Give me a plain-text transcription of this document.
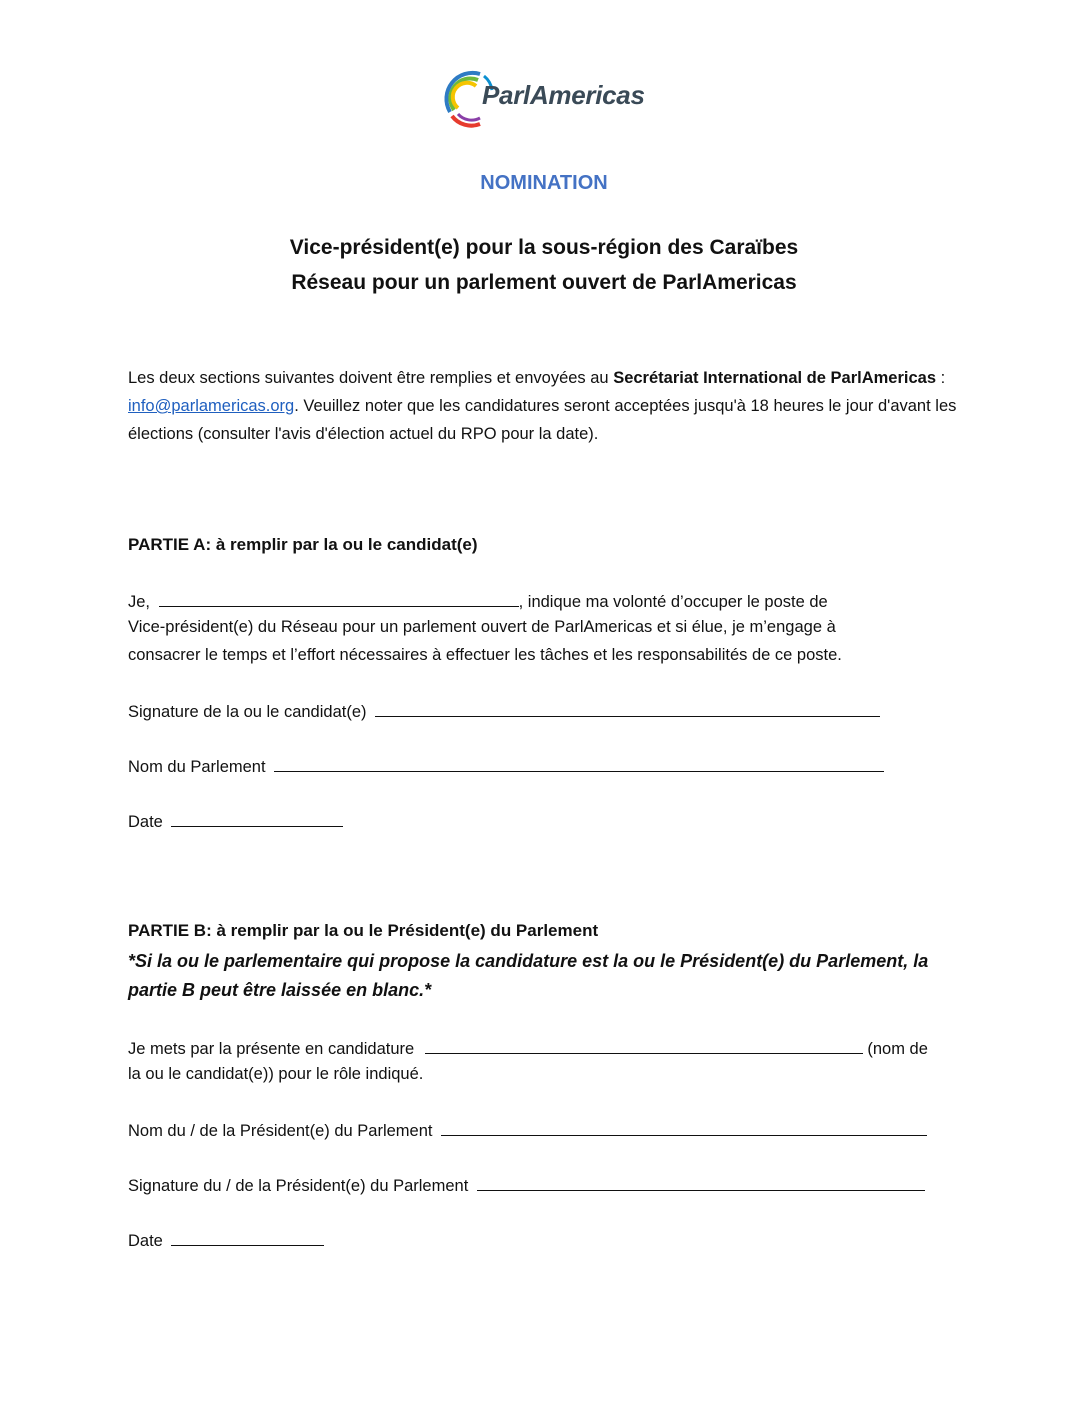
ParlAmericas
NOMINATION
Vice-président(e) pour la sous-région des Caraïbes
Réseau pour un parlement ouvert de ParlAmericas
Les deux sections suivantes doivent être remplies et envoyées au Secrétariat International de ParlAmericas : info@parlamericas.org. Veuillez noter que les candidatures seront acceptées jusqu'à 18 heures le jour d'avant les élections (consulter l'avis d'élection actuel du RPO pour la date).
PARTIE A: à remplir par la ou le candidat(e)
Je,	, indique ma volonté d’occuper le poste de
Vice-président(e) du Réseau pour un parlement ouvert de ParlAmericas et si élue, je m’engage à
consacrer le temps et l’effort nécessaires à effectuer les tâches et les responsabilités de ce poste.
Signature de la ou le candidat(e)
Nom du Parlement
Date
PARTIE B: à remplir par la ou le Président(e) du Parlement
*Si la ou le parlementaire qui propose la candidature est la ou le Président(e) du Parlement, la partie B peut être laissée en blanc.*
Je mets par la présente en candidature	(nom de
la ou le candidat(e)) pour le rôle indiqué.
Nom du / de la Président(e) du Parlement
Signature du / de la Président(e) du Parlement
Date
